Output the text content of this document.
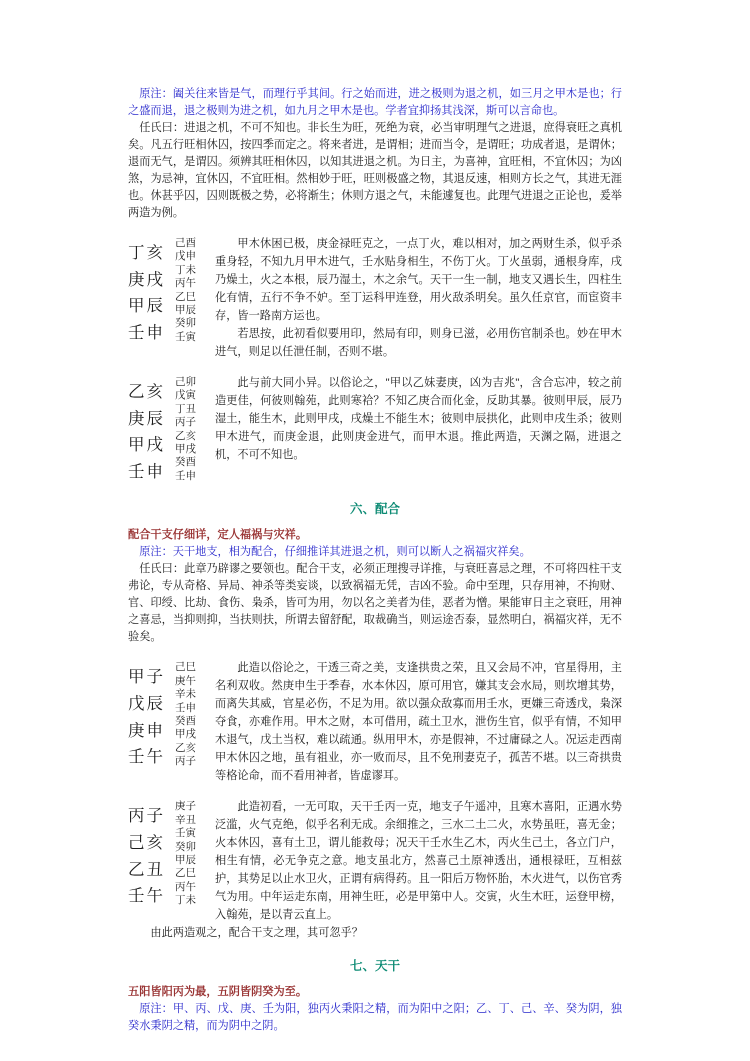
原注：阖关往来皆是气，而理行乎其间。行之始而进，进之极则为退之机，如三月之甲木是也；行之盛而退，退之极则为进之机，如九月之甲木是也。学者宜抑扬其浅深，斯可以言命也。

任氏曰：进退之机，不可不知也。非长生为旺，死绝为衰，必当审明理气之进退，庶得衰旺之真机矣。凡五行旺相休囚，按四季而定之。将来者进，是谓相；进而当令，是谓旺；功成者退，是谓休；退而无气，是谓囚。须辨其旺相休囚，以知其进退之机。为日主，为喜神，宜旺相，不宜休囚；为凶煞，为忌神，宜休囚，不宜旺相。然相妙于旺，旺则极盛之物，其退反速，相则方长之气，其进无涯也。休甚乎囚，囚则既极之势，必将渐生；休则方退之气，未能遽复也。此理气进退之正论也，爰举两造为例。

丁亥
庚戌
甲辰
壬申
己酉
戊申
丁未
丙午
乙巳
甲辰
癸卯
壬寅

甲木休困已极，庚金禄旺克之，一点丁火，难以相对，加之两财生杀，似乎杀重身轻，不知九月甲木进气，壬水贴身相生，不伤丁火。丁火虽弱，通根身库，戌乃燥土，火之本根，辰乃湿土，木之余气。天干一生一制，地支又遇长生，四柱生化有情，五行不争不妒。至丁运科甲连登，用火敌杀明矣。虽久任京官，而宦资丰存，皆一路南方运也。

若思按，此初看似要用印，然局有印，则身已滋，必用伤官制杀也。妙在甲木进气，则足以任泄任制，否则不堪。

乙亥
庚辰
甲戌
壬申
己卯
戊寅
丁丑
丙子
乙亥
甲戌
癸酉
壬申

此与前大同小异。以俗论之，"甲以乙妹妻庚，凶为吉兆"，含合忘冲，较之前造更佳，何彼则翰苑，此则寒袷？不知乙庚合而化金，反助其暴。彼则甲辰，辰乃湿土，能生木，此则甲戌，戌燥土不能生木；彼则申辰拱化，此则申戌生杀；彼则甲木进气，而庚金退，此则庚金进气，而甲木退。推此两造，天渊之隔，进退之机，不可不知也。

六、配合

配合干支仔细详，定人福祸与灾祥。

原注：天干地支，相为配合，仔细推详其进退之机，则可以断人之祸福灾祥矣。

任氏曰：此章乃辟谬之要领也。配合干支，必须正理搜寻详推，与衰旺喜忌之理，不可将四柱干支弗论，专从奇格、异局、神杀等类妄谈，以致祸福无凭，吉凶不验。命中至理，只存用神，不拘财、官、印绶、比劫、食伤、枭杀，皆可为用，勿以名之美者为佳，恶者为憎。果能审日主之衰旺，用神之喜忌，当抑则抑，当扶则扶，所谓去留舒配，取裁确当，则运途否泰，显然明白，祸福灾祥，无不验矣。

甲子
戊辰
庚申
壬午
己巳
庚午
辛未
壬申
癸酉
甲戌
乙亥
丙子

此造以俗论之，干透三奇之美，支逢拱贵之荣，且又会局不冲，官星得用，主名利双收。然庚申生于季春，水本休囚，原可用官，嫌其支会水局，则坎增其势，而离失其威，官星必伤，不足为用。欲以强众敌寡而用壬水，更嫌三奇透戊，枭深夺食，亦难作用。甲木之财，本可借用，疏土卫水，泄伤生官，似乎有情，不知甲木退气，戊土当权，难以疏通。纵用甲木，亦是假神，不过庸碌之人。况运走西南甲木休囚之地，虽有祖业，亦一败而尽，且不免刑妻克子，孤苦不堪。以三奇拱贵等格论命，而不看用神者，皆虚谬耳。

丙子
己亥
乙丑
壬午
庚子
辛丑
壬寅
癸卯
甲辰
乙巳
丙午
丁未

此造初看，一无可取，天干壬丙一克，地支子午遥冲，且寒木喜阳，正遇水势泛滥，火气克绝，似乎名利无成。余细推之，三水二土二火，水势虽旺，喜无金；火本休囚，喜有土卫，谓儿能救母；况天干壬水生乙木，丙火生己土，各立门户，相生有情，必无争克之意。地支虽北方，然喜己土原神透出，通根禄旺，互相兹护，其势足以止水卫火，正谓有病得药。且一阳后万物怀胎，木火进气，以伤官秀气为用。中年运走东南，用神生旺，必是甲第中人。交寅，火生木旺，运登甲榜，入翰苑，是以青云直上。

由此两造观之，配合干支之理，其可忽乎？

七、天干

五阳皆阳丙为最，五阴皆阴癸为至。

原注：甲、丙、戊、庚、壬为阳，独丙火秉阳之精，而为阳中之阳；乙、丁、己、辛、癸为阴，独癸水秉阴之精，而为阴中之阴。
